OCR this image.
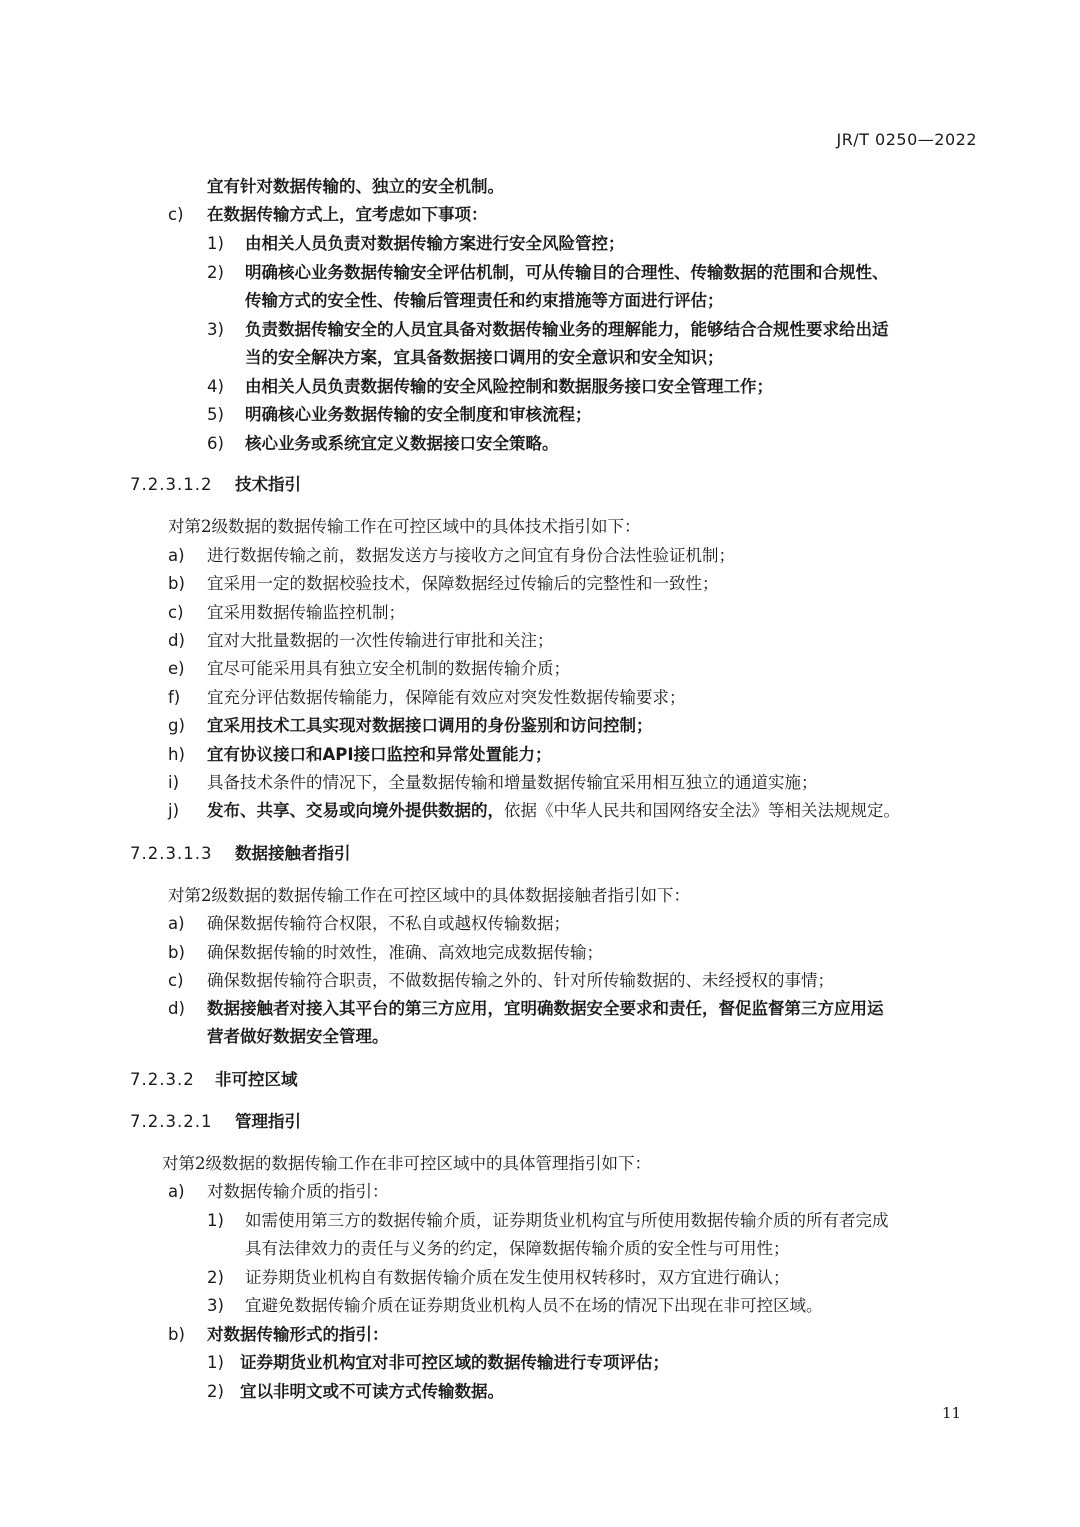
JR/T 0250—2022
宜有针对数据传输的、独立的安全机制。
c) 在数据传输方式上，宜考虑如下事项：
1) 由相关人员负责对数据传输方案进行安全风险管控；
2) 明确核心业务数据传输安全评估机制，可从传输目的合理性、传输数据的范围和合规性、
传输方式的安全性、传输后管理责任和约束措施等方面进行评估；
3) 负责数据传输安全的人员宜具备对数据传输业务的理解能力，能够结合合规性要求给出适
当的安全解决方案，宜具备数据接口调用的安全意识和安全知识；
4) 由相关人员负责数据传输的安全风险控制和数据服务接口安全管理工作；
5) 明确核心业务数据传输的安全制度和审核流程；
6) 核心业务或系统宜定义数据接口安全策略。
7.2.3.1.2 技术指引
对第2级数据的数据传输工作在可控区域中的具体技术指引如下：
a) 进行数据传输之前，数据发送方与接收方之间宜有身份合法性验证机制；
b) 宜采用一定的数据校验技术，保障数据经过传输后的完整性和一致性；
c) 宜采用数据传输监控机制；
d) 宜对大批量数据的一次性传输进行审批和关注；
e) 宜尽可能采用具有独立安全机制的数据传输介质；
f) 宜充分评估数据传输能力，保障能有效应对突发性数据传输要求；
g) 宜采用技术工具实现对数据接口调用的身份鉴别和访问控制；
h) 宜有协议接口和API接口监控和异常处置能力；
i) 具备技术条件的情况下，全量数据传输和增量数据传输宜采用相互独立的通道实施；
j) 发布、共享、交易或向境外提供数据的，依据《中华人民共和国网络安全法》等相关法规规定。
7.2.3.1.3 数据接触者指引
对第2级数据的数据传输工作在可控区域中的具体数据接触者指引如下：
a) 确保数据传输符合权限，不私自或越权传输数据；
b) 确保数据传输的时效性，准确、高效地完成数据传输；
c) 确保数据传输符合职责，不做数据传输之外的、针对所传输数据的、未经授权的事情；
d) 数据接触者对接入其平台的第三方应用，宜明确数据安全要求和责任，督促监督第三方应用运
营者做好数据安全管理。
7.2.3.2 非可控区域
7.2.3.2.1 管理指引
对第2级数据的数据传输工作在非可控区域中的具体管理指引如下：
a) 对数据传输介质的指引：
1) 如需使用第三方的数据传输介质，证券期货业机构宜与所使用数据传输介质的所有者完成
具有法律效力的责任与义务的约定，保障数据传输介质的安全性与可用性；
2) 证券期货业机构自有数据传输介质在发生使用权转移时，双方宜进行确认；
3) 宜避免数据传输介质在证券期货业机构人员不在场的情况下出现在非可控区域。
b) 对数据传输形式的指引：
1) 证券期货业机构宜对非可控区域的数据传输进行专项评估；
2) 宜以非明文或不可读方式传输数据。
11
